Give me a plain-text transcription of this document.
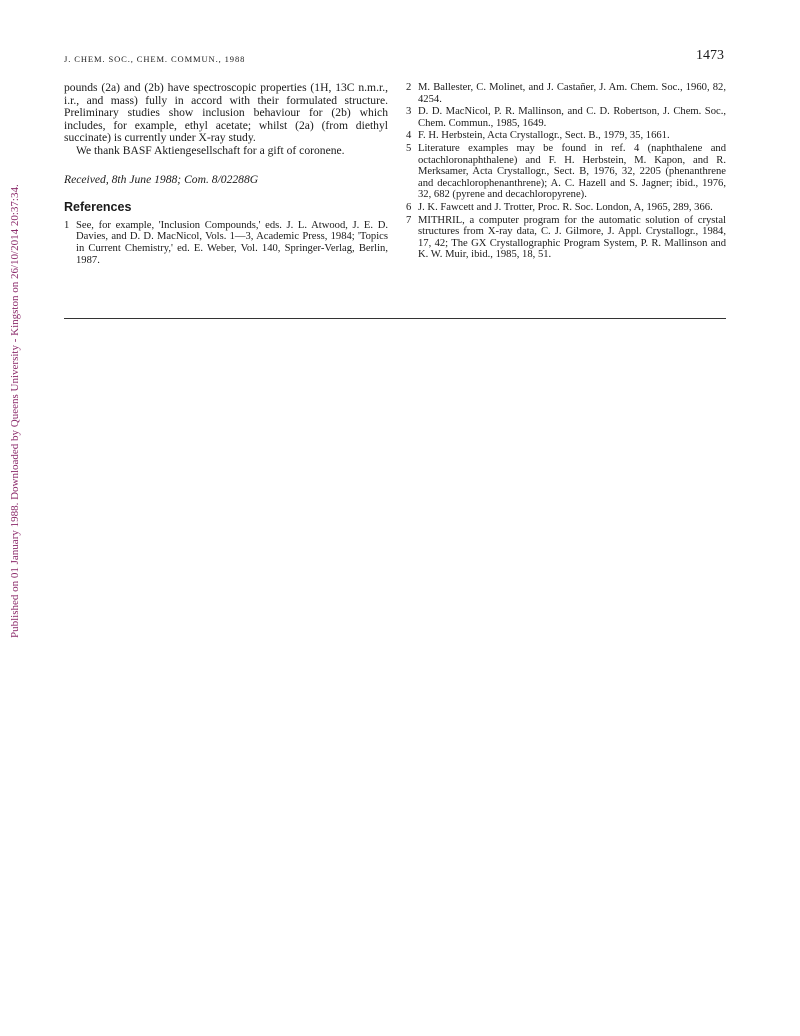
Published on 01 January 1988. Downloaded by Queens University - Kingston on 26/10/2014 20:37:34.
J. CHEM. SOC., CHEM. COMMUN., 1988	1473

pounds (2a) and (2b) have spectroscopic properties (1H, 13C n.m.r., i.r., and mass) fully in accord with their formulated structure. Preliminary studies show inclusion behaviour for (2b) which includes, for example, ethyl acetate; whilst (2a) (from diethyl succinate) is currently under X-ray study.

We thank BASF Aktiengesellschaft for a gift of coronene.

Received, 8th June 1988; Com. 8/02288G

References

1 See, for example, 'Inclusion Compounds,' eds. J. L. Atwood, J. E. D. Davies, and D. D. MacNicol, Vols. 1—3, Academic Press, 1984; 'Topics in Current Chemistry,' ed. E. Weber, Vol. 140, Springer-Verlag, Berlin, 1987.

2 M. Ballester, C. Molinet, and J. Castañer, J. Am. Chem. Soc., 1960, 82, 4254.

3 D. D. MacNicol, P. R. Mallinson, and C. D. Robertson, J. Chem. Soc., Chem. Commun., 1985, 1649.

4 F. H. Herbstein, Acta Crystallogr., Sect. B., 1979, 35, 1661.

5 Literature examples may be found in ref. 4 (naphthalene and octachloronaphthalene) and F. H. Herbstein, M. Kapon, and R. Merksamer, Acta Crystallogr., Sect. B, 1976, 32, 2205 (phenanthrene and decachlorophenanthrene); A. C. Hazell and S. Jagner; ibid., 1976, 32, 682 (pyrene and decachloropyrene).

6 J. K. Fawcett and J. Trotter, Proc. R. Soc. London, A, 1965, 289, 366.

7 MITHRIL, a computer program for the automatic solution of crystal structures from X-ray data, C. J. Gilmore, J. Appl. Crystallogr., 1984, 17, 42; The GX Crystallographic Program System, P. R. Mallinson and K. W. Muir, ibid., 1985, 18, 51.
